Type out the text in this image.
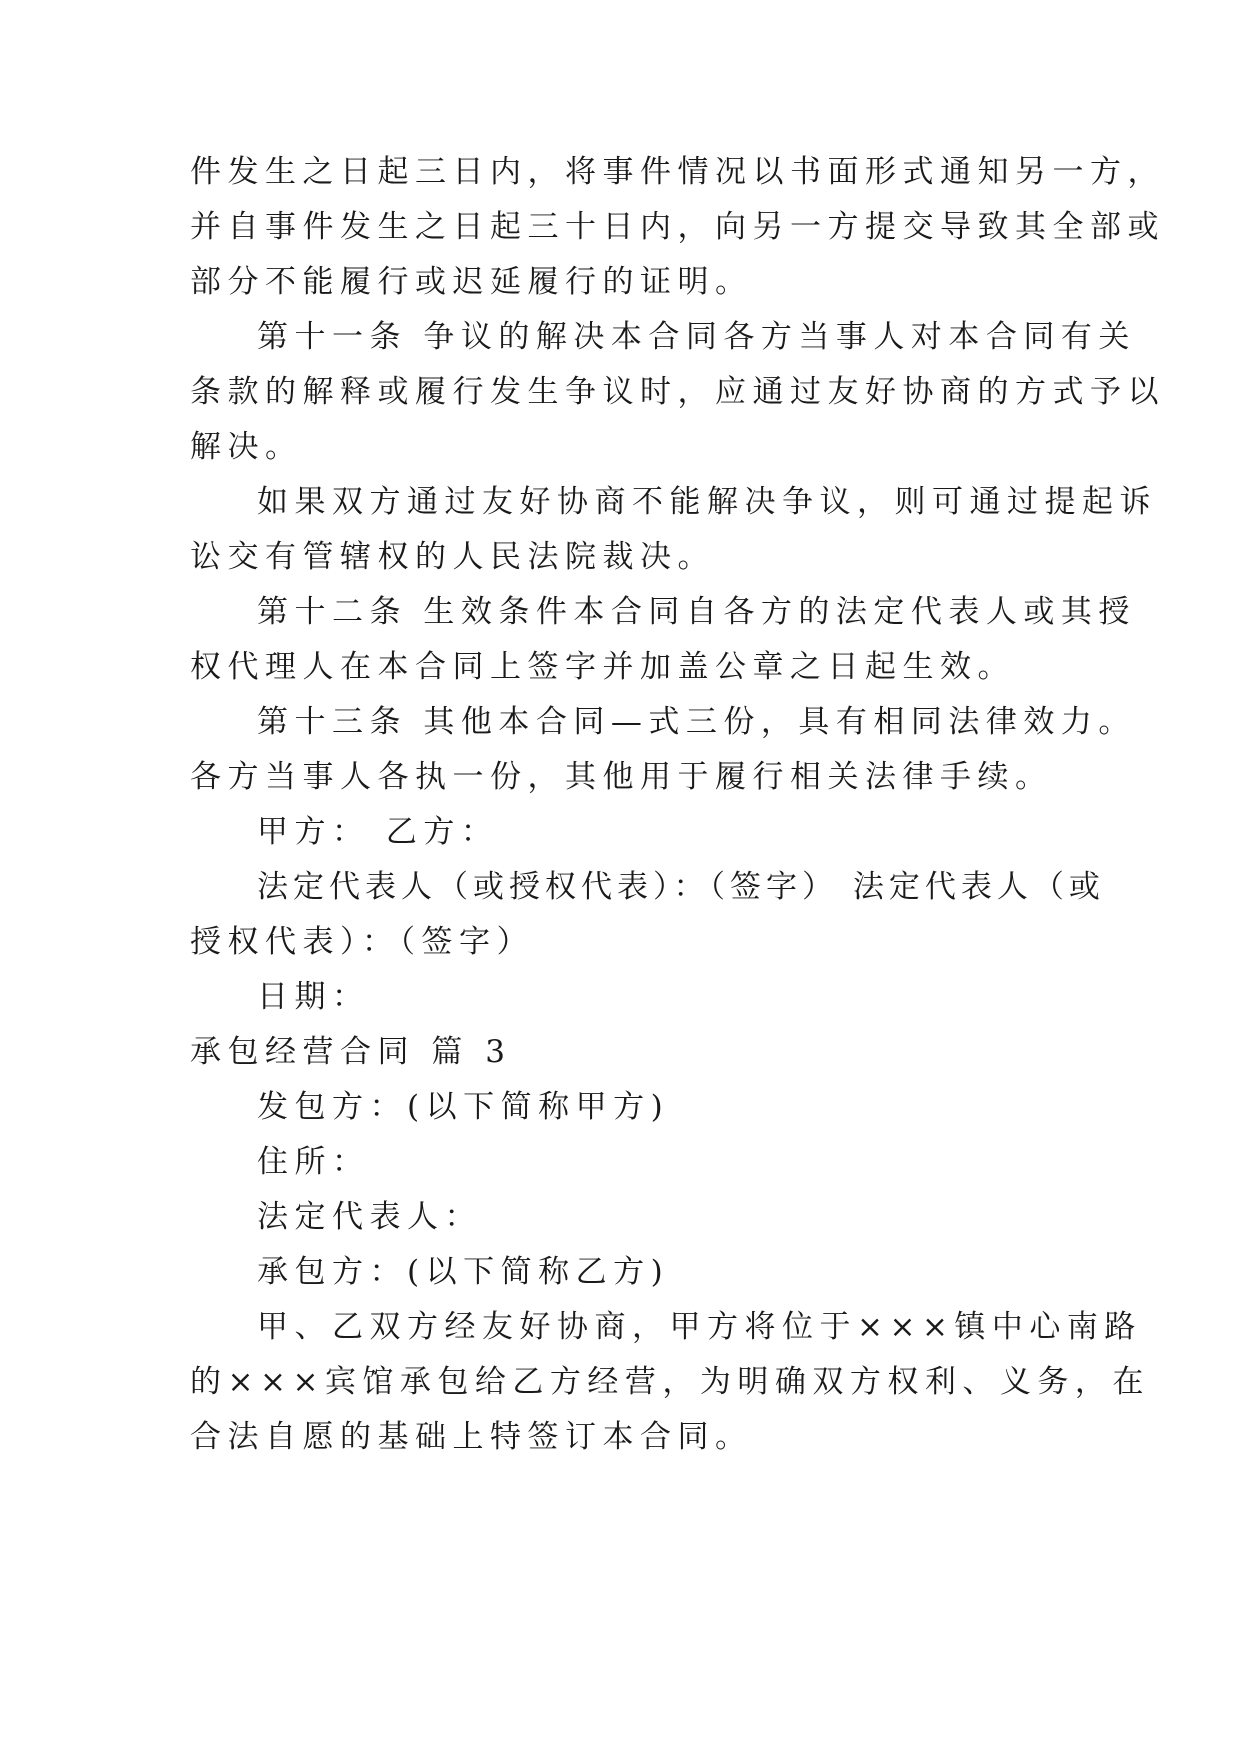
件发生之日起三日内，将事件情况以书面形式通知另一方，
并自事件发生之日起三十日内，向另一方提交导致其全部或
部分不能履行或迟延履行的证明。
第十一条 争议的解决本合同各方当事人对本合同有关
条款的解释或履行发生争议时，应通过友好协商的方式予以
解决。
如果双方通过友好协商不能解决争议，则可通过提起诉
讼交有管辖权的人民法院裁决。
第十二条 生效条件本合同自各方的法定代表人或其授
权代理人在本合同上签字并加盖公章之日起生效。
第十三条 其他本合同—式三份，具有相同法律效力。
各方当事人各执一份，其他用于履行相关法律手续。
甲方： 乙方：
法定代表人（或授权代表）：（签字） 法定代表人（或
授权代表）：（签字）
日期：
承包经营合同 篇 3
发包方：(以下简称甲方)
住所：
法定代表人：
承包方：(以下简称乙方)
甲、乙双方经友好协商，甲方将位于×××镇中心南路
的×××宾馆承包给乙方经营，为明确双方权利、义务，在
合法自愿的基础上特签订本合同。
